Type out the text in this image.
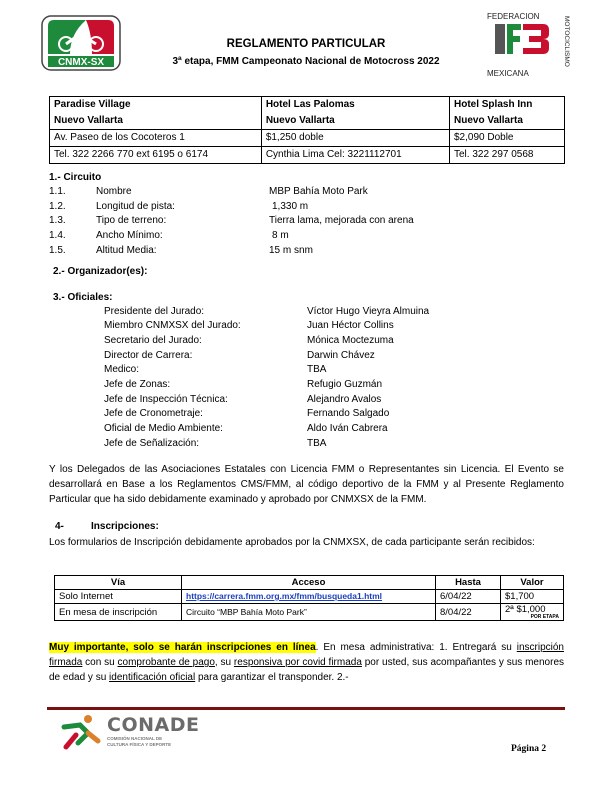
CNMX-SX
FEDERACION
MEXICANA
MOTOCICLISMO
REGLAMENTO PARTICULAR
3ª etapa, FMM Campeonato Nacional de Motocross 2022
Paradise Village	Hotel Las Palomas	Hotel Splash Inn
Nuevo Vallarta	Nuevo Vallarta	Nuevo Vallarta
Av. Paseo de los Cocoteros 1	$1,250 doble	$2,090 Doble
Tel. 322 2266 770 ext 6195 o 6174	Cynthia Lima Cel: 3221112701	Tel. 322 297 0568
1.- Circuito
1.1.	Nombre	MBP Bahía Moto Park
1.2.	Longitud de pista:	1,330 m
1.3.	Tipo de terreno:	Tierra lama, mejorada con arena
1.4.	Ancho Mínimo:	8 m
1.5.	Altitud Media:	15 m snm
2.- Organizador(es):
3.- Oficiales:
Presidente del Jurado:	Víctor Hugo Vieyra Almuina
Miembro CNMXSX del Jurado:	Juan Héctor Collins
Secretario del Jurado:	Mónica Moctezuma
Director de Carrera:	Darwin Chávez
Medico:	TBA
Jefe de Zonas:	Refugio Guzmán
Jefe de Inspección Técnica:	Alejandro Avalos
Jefe de Cronometraje:	Fernando Salgado
Oficial de Medio Ambiente:	Aldo Iván Cabrera
Jefe de Señalización:	TBA
Y los Delegados de las Asociaciones Estatales con Licencia FMM o Representantes sin Licencia. El Evento se desarrollará en Base a los Reglamentos CMS/FMM, al código deportivo de la FMM y al Presente Reglamento Particular que ha sido debidamente examinado y aprobado por CNMXSX de la FMM.
4-	Inscripciones:
Los formularios de Inscripción debidamente aprobados por la CNMXSX, de cada participante serán recibidos:
Vía	Acceso	Hasta	Valor
Solo Internet	https://carrera.fmm.org.mx/fmm/busqueda1.html	6/04/22	$1,700
En mesa de inscripción	Circuito “MBP Bahía Moto Park”	8/04/22	2ª $1,000
POR ETAPA
Muy importante, solo se harán inscripciones en línea. En mesa administrativa: 1. Entregará su inscripción firmada con su comprobante de pago, su responsiva por covid firmada por usted, sus acompañantes y sus menores de edad y su identificación oficial para garantizar el transponder. 2.-
CONADE
COMISIÓN NACIONAL DE
CULTURA FÍSICA Y DEPORTE	Página 2
